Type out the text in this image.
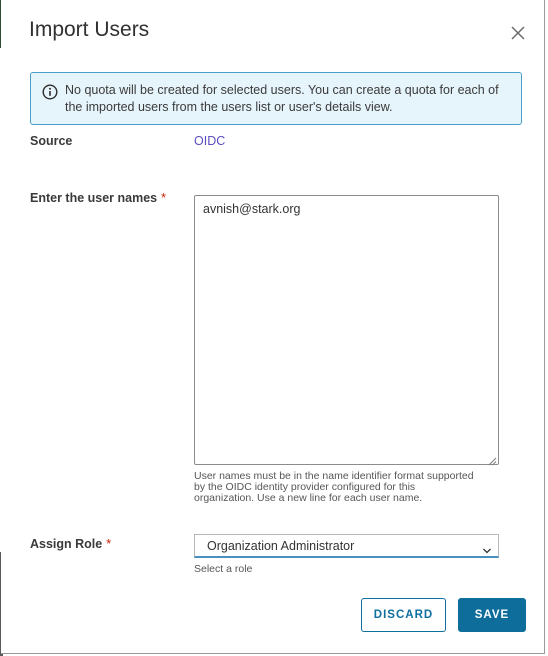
Import Users
No quota will be created for selected users. You can create a quota for each of the imported users from the users list or user's details view.
Source	OIDC
Enter the user names *
avnish@stark.org
User names must be in the name identifier format supported
by the OIDC identity provider configured for this
organization. Use a new line for each user name.
Assign Role *	Organization Administrator
Select a role
DISCARD	SAVE
